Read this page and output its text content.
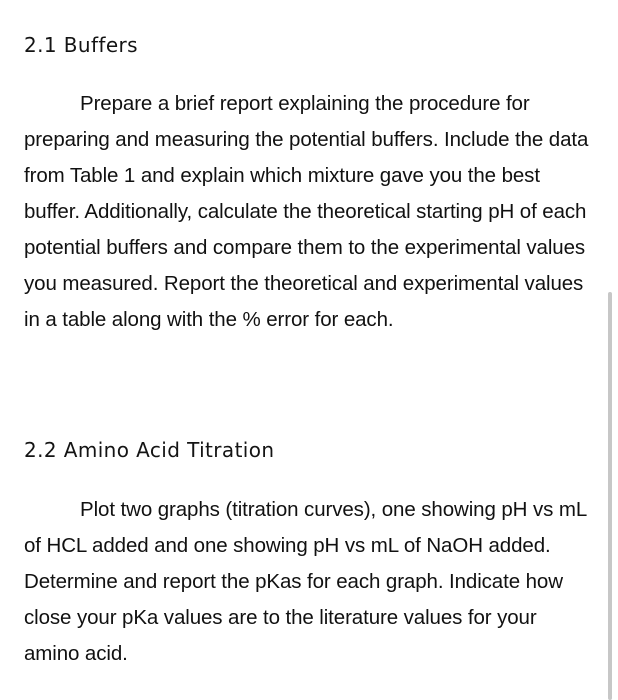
2.1 Buffers

Prepare a brief report explaining the procedure for preparing and measuring the potential buffers. Include the data from Table 1 and explain which mixture gave you the best buffer. Additionally, calculate the theoretical starting pH of each potential buffers and compare them to the experimental values you measured. Report the theoretical and experimental values in a table along with the % error for each.

2.2 Amino Acid Titration

Plot two graphs (titration curves), one showing pH vs mL of HCL added and one showing pH vs mL of NaOH added. Determine and report the pKas for each graph. Indicate how close your pKa values are to the literature values for your amino acid.
